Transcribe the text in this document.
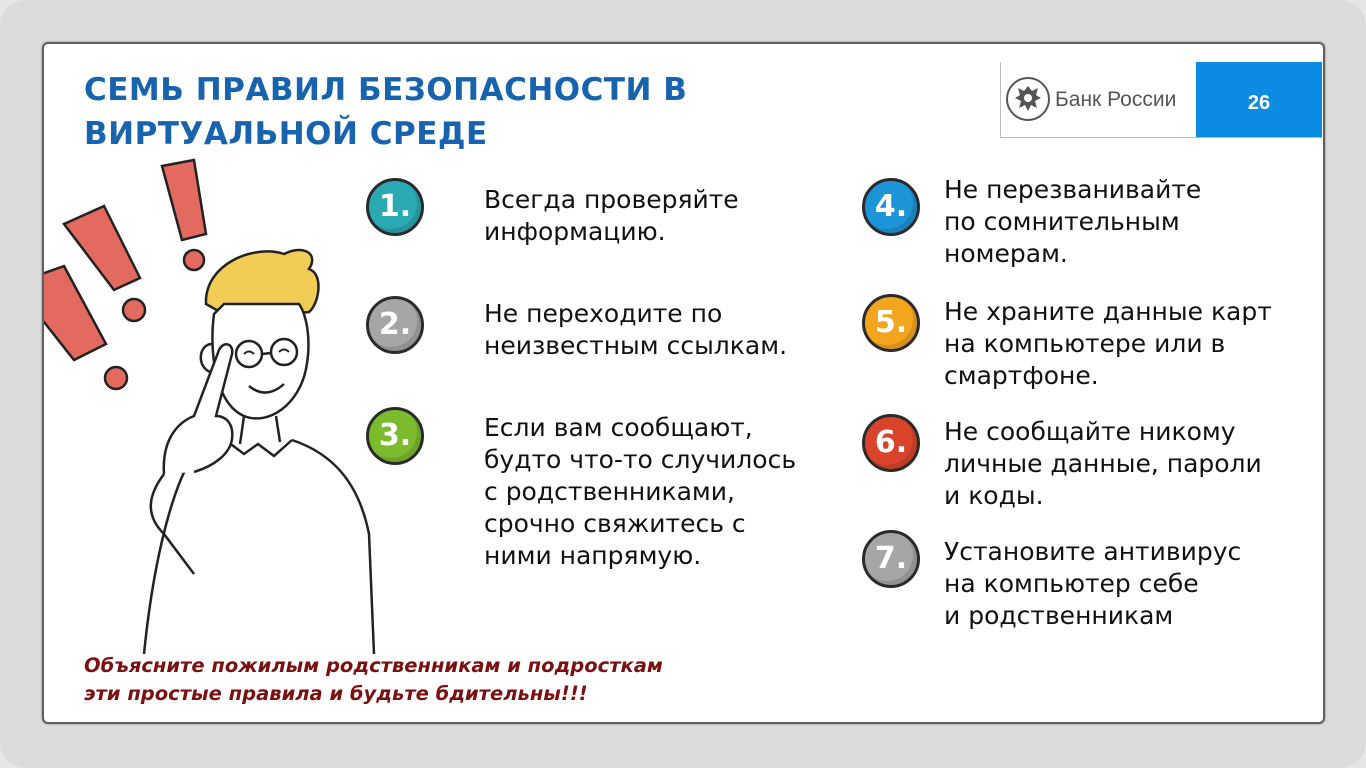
СЕМЬ ПРАВИЛ БЕЗОПАСНОСТИ В
ВИРТУАЛЬНОЙ СРЕДЕ
Банк России	26
1.	Всегда проверяйте
информацию.
2.	Не переходите по
неизвестным ссылкам.
3.	Если вам сообщают,
будто что-то случилось
с родственниками,
срочно свяжитесь с
ними напрямую.
4.	Не перезванивайте
по сомнительным
номерам.
5.	Не храните данные карт
на компьютере или в
смартфоне.
6.	Не сообщайте никому
личные данные, пароли
и коды.
7.	Установите антивирус
на компьютер себе
и родственникам
Объясните пожилым родственникам и подросткам
эти простые правила и будьте бдительны!!!
